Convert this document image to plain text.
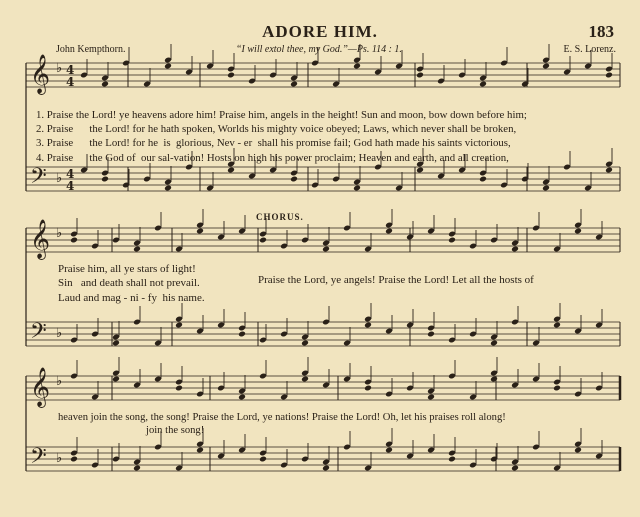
𝄞
𝄢
♭
♭
4
4
4
4
𝄞
𝄢
♭
♭
𝄞
𝄢
♭
♭
ADORE HIM.	183
John Kempthorn.	“I will extol thee, my God.”—Ps. 114 : 1.	E. S. Lorenz.
1. Praise the Lord! ye heavens adore him! Praise him, angels in the height! Sun and moon, bow down before him;
2. Praise      the Lord! for he hath spoken, Worlds his mighty voice obeyed; Laws, which never shall be broken,
3. Praise      the Lord! for he  is  glorious, Nev - er  shall his promise fail; God hath made his saints victorious,
4. Praise      the God of  our sal-vation! Hosts on high his power proclaim; Heaven and earth, and all creation,
CHORUS.
Praise him, all ye stars of light!
Sin   and death shall not prevail.
Laud and mag - ni - fy  his name.
Praise the Lord, ye angels! Praise the Lord! Let all the hosts of
heaven join the song, the song! Praise the Lord, ye nations! Praise the Lord! Oh, let his praises roll along!
join the song!
